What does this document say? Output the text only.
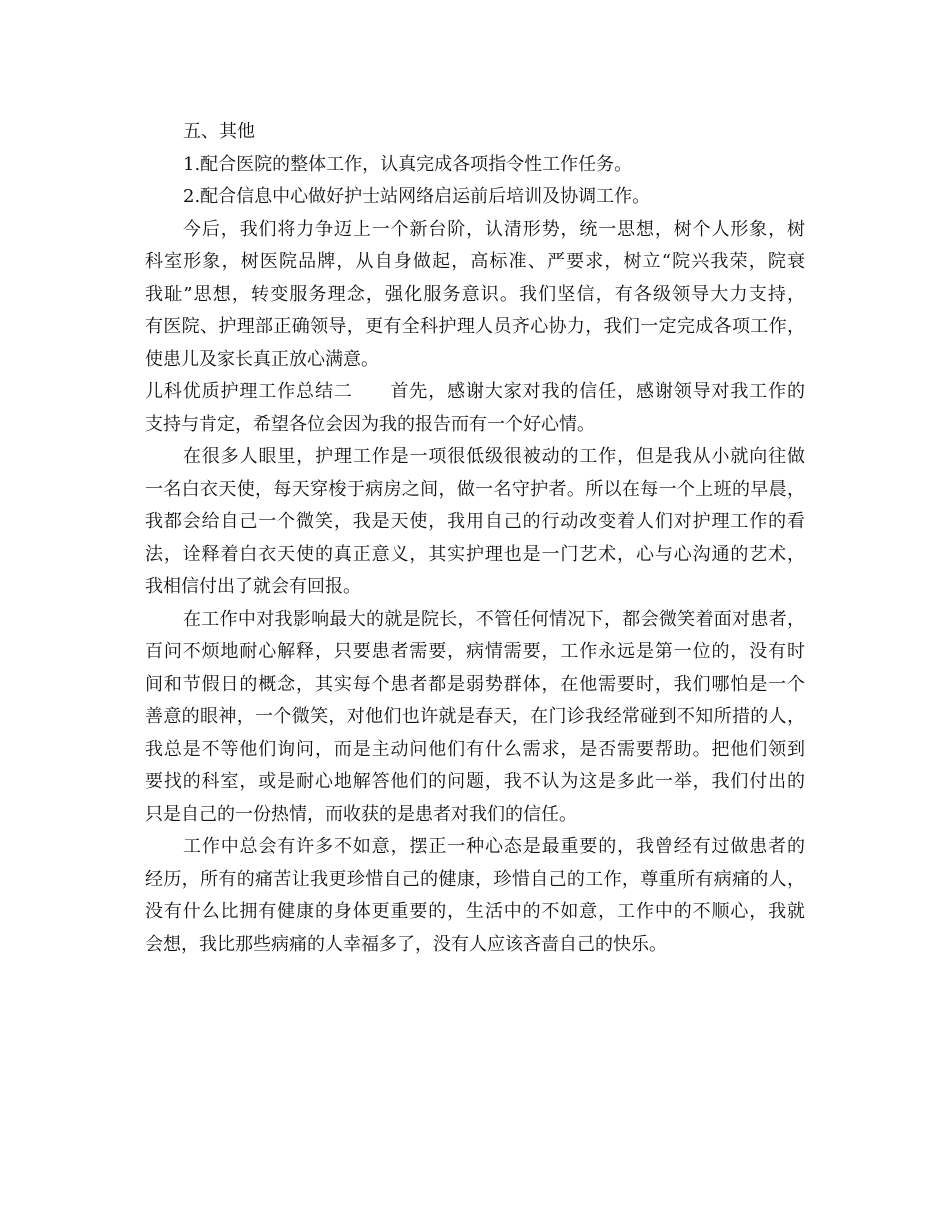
五、其他
1.配合医院的整体工作，认真完成各项指令性工作任务。
2.配合信息中心做好护士站网络启运前后培训及协调工作。
今后，我们将力争迈上一个新台阶，认清形势，统一思想，树个人形象，树
科室形象，树医院品牌，从自身做起，高标准、严要求，树立“院兴我荣，院衰
我耻”思想，转变服务理念，强化服务意识。我们坚信，有各级领导大力支持，
有医院、护理部正确领导，更有全科护理人员齐心协力，我们一定完成各项工作，
使患儿及家长真正放心满意。
儿科优质护理工作总结二　　首先，感谢大家对我的信任，感谢领导对我工作的
支持与肯定，希望各位会因为我的报告而有一个好心情。
在很多人眼里，护理工作是一项很低级很被动的工作，但是我从小就向往做
一名白衣天使，每天穿梭于病房之间，做一名守护者。所以在每一个上班的早晨，
我都会给自己一个微笑，我是天使，我用自己的行动改变着人们对护理工作的看
法，诠释着白衣天使的真正意义，其实护理也是一门艺术，心与心沟通的艺术，
我相信付出了就会有回报。
在工作中对我影响最大的就是院长，不管任何情况下，都会微笑着面对患者，
百问不烦地耐心解释，只要患者需要，病情需要，工作永远是第一位的，没有时
间和节假日的概念，其实每个患者都是弱势群体，在他需要时，我们哪怕是一个
善意的眼神，一个微笑，对他们也许就是春天，在门诊我经常碰到不知所措的人，
我总是不等他们询问，而是主动问他们有什么需求，是否需要帮助。把他们领到
要找的科室，或是耐心地解答他们的问题，我不认为这是多此一举，我们付出的
只是自己的一份热情，而收获的是患者对我们的信任。
工作中总会有许多不如意，摆正一种心态是最重要的，我曾经有过做患者的
经历，所有的痛苦让我更珍惜自己的健康，珍惜自己的工作，尊重所有病痛的人，
没有什么比拥有健康的身体更重要的，生活中的不如意，工作中的不顺心，我就
会想，我比那些病痛的人幸福多了，没有人应该吝啬自己的快乐。
